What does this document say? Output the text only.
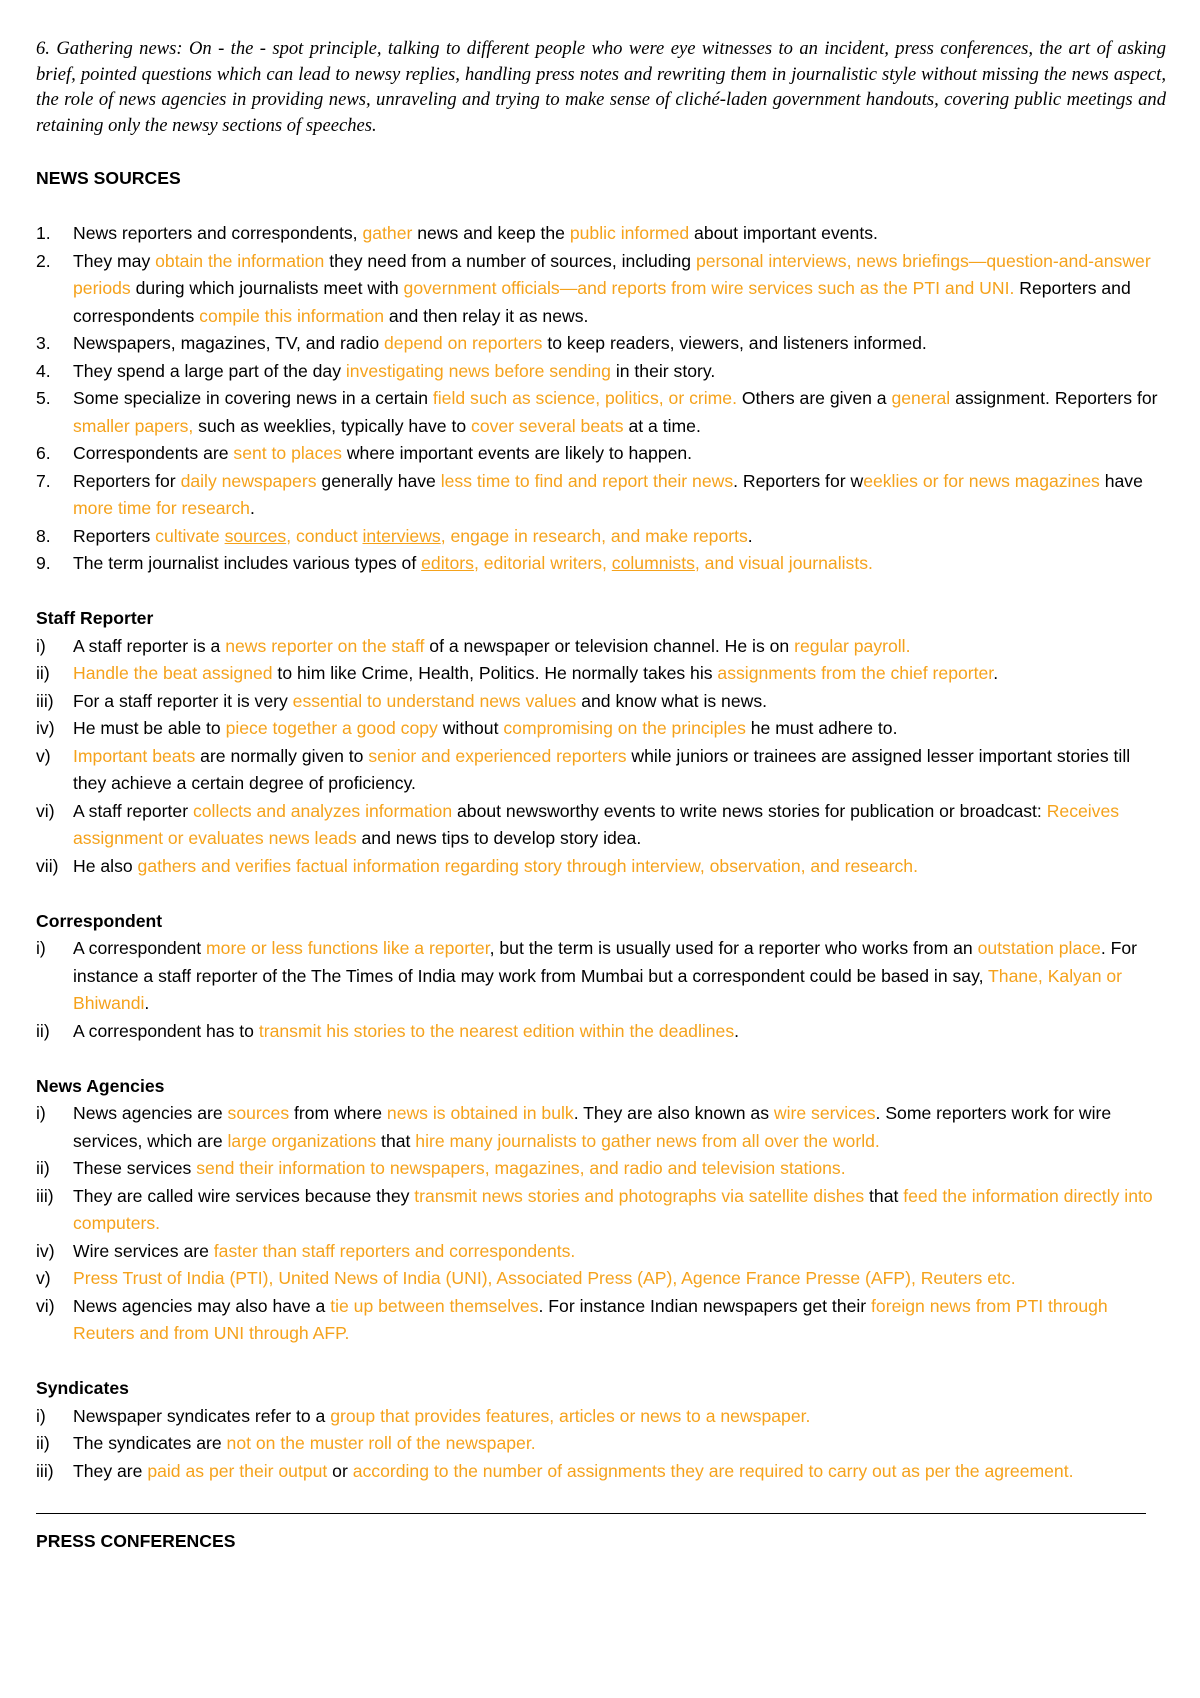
6. Gathering news: On - the - spot principle, talking to different people who were eye witnesses to an incident, press conferences, the art of asking brief, pointed questions which can lead to newsy replies, handling press notes and rewriting them in journalistic style without missing the news aspect, the role of news agencies in providing news, unraveling and trying to make sense of cliché-laden government handouts, covering public meetings and retaining only the newsy sections of speeches.

NEWS SOURCES
1.	News reporters and correspondents, gather news and keep the public informed about important events.
2.	They may obtain the information they need from a number of sources, including personal interviews, news briefings—question-and-answer periods during which journalists meet with government officials—and reports from wire services such as the PTI and UNI. Reporters and correspondents compile this information and then relay it as news.
3.	Newspapers, magazines, TV, and radio depend on reporters to keep readers, viewers, and listeners informed.
4.	They spend a large part of the day investigating news before sending in their story.
5.	Some specialize in covering news in a certain field such as science, politics, or crime. Others are given a general assignment. Reporters for smaller papers, such as weeklies, typically have to cover several beats at a time.
6.	Correspondents are sent to places where important events are likely to happen.
7.	Reporters for daily newspapers generally have less time to find and report their news. Reporters for weeklies or for news magazines have more time for research.
8.	Reporters cultivate sources, conduct interviews, engage in research, and make reports.
9.	The term journalist includes various types of editors, editorial writers, columnists, and visual journalists.
Staff Reporter
i)	A staff reporter is a news reporter on the staff of a newspaper or television channel. He is on regular payroll.
ii)	Handle the beat assigned to him like Crime, Health, Politics. He normally takes his assignments from the chief reporter.
iii)	For a staff reporter it is very essential to understand news values and know what is news.
iv)	He must be able to piece together a good copy without compromising on the principles he must adhere to.
v)	Important beats are normally given to senior and experienced reporters while juniors or trainees are assigned lesser important stories till they achieve a certain degree of proficiency.
vi)	A staff reporter collects and analyzes information about newsworthy events to write news stories for publication or broadcast: Receives assignment or evaluates news leads and news tips to develop story idea.
vii) He also gathers and verifies factual information regarding story through interview, observation, and research.
Correspondent
i)	A correspondent more or less functions like a reporter, but the term is usually used for a reporter who works from an outstation place. For instance a staff reporter of the The Times of India may work from Mumbai but a correspondent could be based in say, Thane, Kalyan or Bhiwandi.
ii)	A correspondent has to transmit his stories to the nearest edition within the deadlines.
News Agencies
i)	News agencies are sources from where news is obtained in bulk. They are also known as wire services. Some reporters work for wire services, which are large organizations that hire many journalists to gather news from all over the world.
ii)	These services send their information to newspapers, magazines, and radio and television stations.
iii)	They are called wire services because they transmit news stories and photographs via satellite dishes that feed the information directly into computers.
iv)	Wire services are faster than staff reporters and correspondents.
v)	Press Trust of India (PTI), United News of India (UNI), Associated Press (AP), Agence France Presse (AFP), Reuters etc.
vi)	News agencies may also have a tie up between themselves. For instance Indian newspapers get their foreign news from PTI through Reuters and from UNI through AFP.
Syndicates
i)	Newspaper syndicates refer to a group that provides features, articles or news to a newspaper.
ii)	The syndicates are not on the muster roll of the newspaper.
iii)	They are paid as per their output or according to the number of assignments they are required to carry out as per the agreement.
PRESS CONFERENCES
